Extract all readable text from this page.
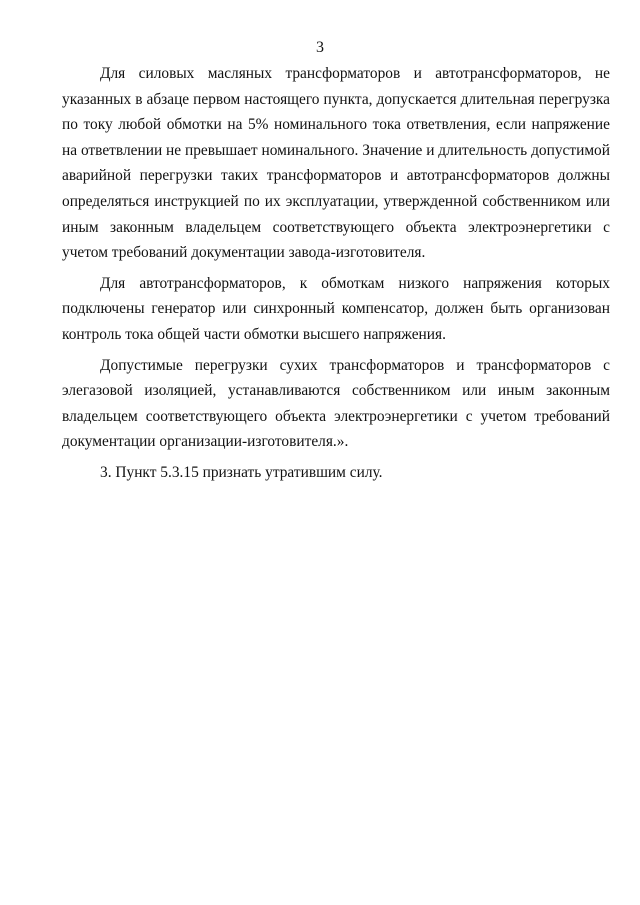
3

Для силовых масляных трансформаторов и автотрансформаторов, не указанных в абзаце первом настоящего пункта, допускается длительная перегрузка по току любой обмотки на 5% номинального тока ответвления, если напряжение на ответвлении не превышает номинального. Значение и длительность допустимой аварийной перегрузки таких трансформаторов и автотрансформаторов должны определяться инструкцией по их эксплуатации, утвержденной собственником или иным законным владельцем соответствующего объекта электроэнергетики с учетом требований документации завода-изготовителя.

Для автотрансформаторов, к обмоткам низкого напряжения которых подключены генератор или синхронный компенсатор, должен быть организован контроль тока общей части обмотки высшего напряжения.

Допустимые перегрузки сухих трансформаторов и трансформаторов с элегазовой изоляцией, устанавливаются собственником или иным законным владельцем соответствующего объекта электроэнергетики с учетом требований документации организации-изготовителя.».

3. Пункт 5.3.15 признать утратившим силу.
